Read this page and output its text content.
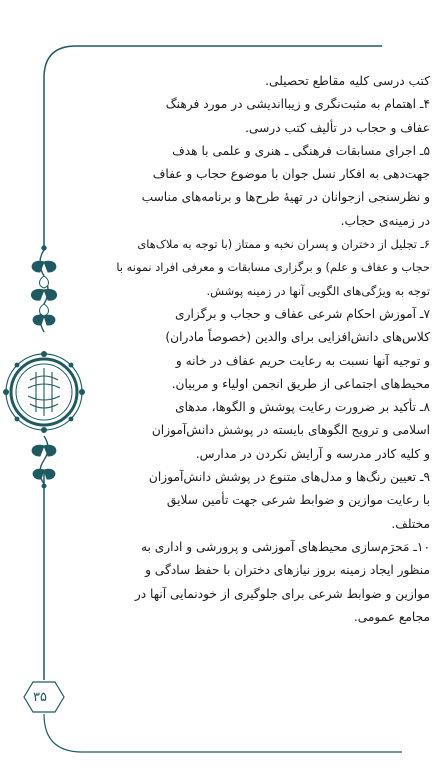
۳۵
کتب درسی کلیه مقاطع تحصیلی.
۴ـ اهتمام به مثبت‌نگری و زیبااندیشی در مورد فرهنگ
عفاف و حجاب در تألیف کتب درسی.
۵ـ اجرای مسابقات فرهنگی ـ هنری و علمی با هدف
جهت‌دهی به افکار نسل جوان با موضوع حجاب و عفاف
و نظرسنجی ازجوانان در تهیهٔ طرح‌ها و برنامه‌های مناسب
در زمینه‌ی حجاب.
۶ـ تجلیل از دختران و پسران نخبه و ممتاز (با توجه به ملاک‌های
حجاب و عفاف و علم) و برگزاری مسابقات و معرفی افراد نمونه با
توجه به ویژگی‌های الگویی آنها در زمینه پوشش.
۷ـ آموزش احکام شرعی عفاف و حجاب و برگزاری
کلاس‌های دانش‌افزایی برای والدین (خصوصاً مادران)
و توجیه آنها نسبت به رعایت حریم عفاف در خانه و
محیط‌های اجتماعی از طریق انجمن اولیاء و مربیان.
۸ـ تأکید بر ضرورت رعایت پوشش و الگوها، مدهای
اسلامی و ترویج الگوهای بایسته در پوشش دانش‌آموزان
و کلیه کادر مدرسه و آرایش نکردن در مدارس.
۹ـ تعیین رنگ‌ها و مدل‌های متنوع در پوشش دانش‌آموزان
با رعایت موازین و ضوابط شرعی جهت تأمین سلایق
مختلف.
۱۰ـ مَحرَم‌سازی محیط‌های آموزشی و پرورشی و اداری به
منظور ایجاد زمینه بروز نیازهای دختران با حفظ سادگی و
موازین و ضوابط شرعی برای جلوگیری از خودنمایی آنها در
مجامع عمومی.
